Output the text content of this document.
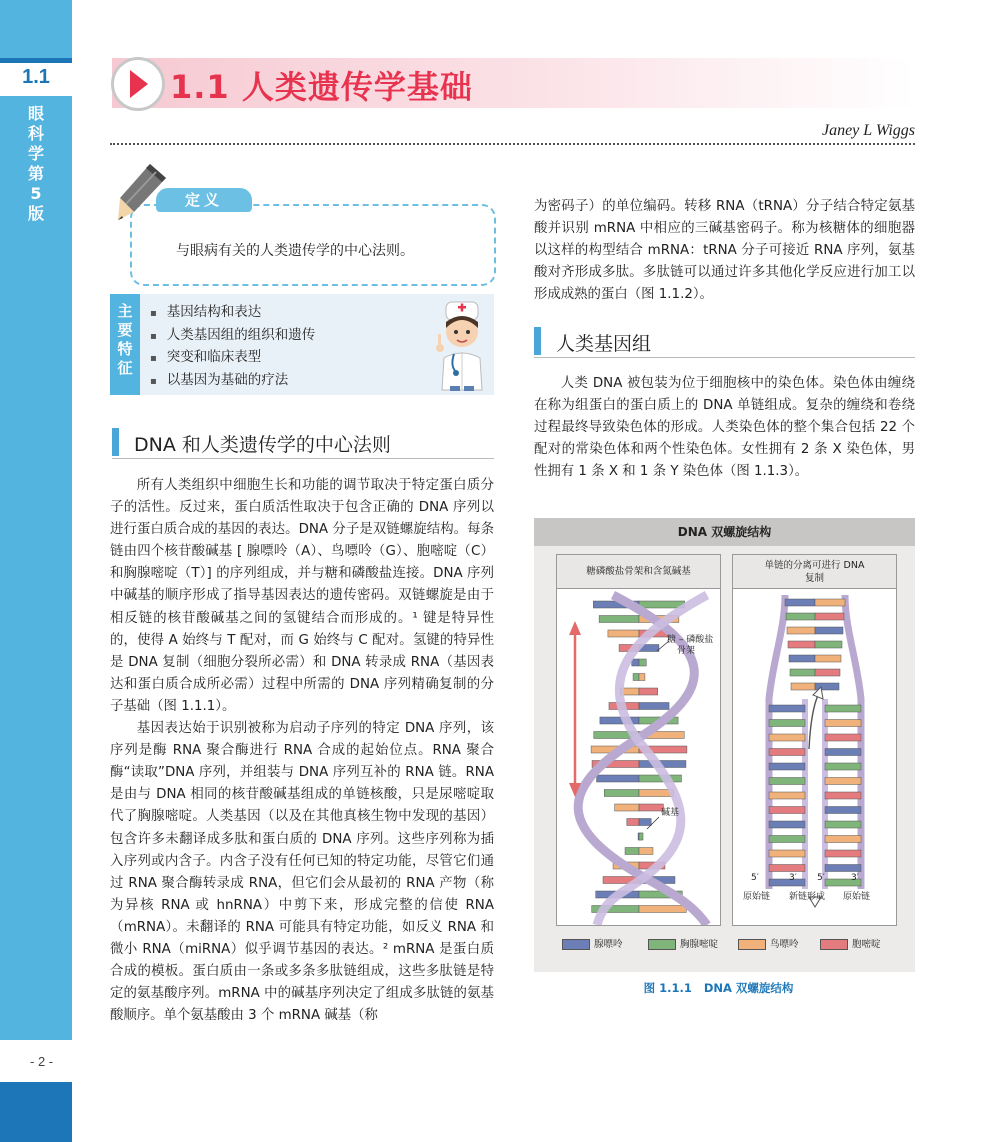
1.1
眼
科
学
第
5
版
- 2 -
1.1 人类遗传学基础
Janey L Wiggs
定义
与眼病有关的人类遗传学的中心法则。
▪ 基因结构和表达
▪ 人类基因组的组织和遗传
▪ 突变和临床表型
▪ 以基因为基础的疗法
主
要
特
征
DNA 和人类遗传学的中心法则

所有人类组织中细胞生长和功能的调节取决于特定蛋白质分子的活性。反过来，蛋白质活性取决于包含正确的 DNA 序列以进行蛋白质合成的基因的表达。DNA 分子是双链螺旋结构。每条链由四个核苷酸碱基 [ 腺嘌呤（A）、鸟嘌呤（G）、胞嘧啶（C）和胸腺嘧啶（T）] 的序列组成，并与糖和磷酸盐连接。DNA 序列中碱基的顺序形成了指导基因表达的遗传密码。双链螺旋是由于相反链的核苷酸碱基之间的氢键结合而形成的。¹ 键是特异性的，使得 A 始终与 T 配对，而 G 始终与 C 配对。氢键的特异性是 DNA 复制（细胞分裂所必需）和 DNA 转录成 RNA（基因表达和蛋白质合成所必需）过程中所需的 DNA 序列精确复制的分子基础（图 1.1.1）。

基因表达始于识别被称为启动子序列的特定 DNA 序列，该序列是酶 RNA 聚合酶进行 RNA 合成的起始位点。RNA 聚合酶“读取”DNA 序列，并组装与 DNA 序列互补的 RNA 链。RNA 是由与 DNA 相同的核苷酸碱基组成的单链核酸，只是尿嘧啶取代了胸腺嘧啶。人类基因（以及在其他真核生物中发现的基因）包含许多未翻译成多肽和蛋白质的 DNA 序列。这些序列称为插入序列或内含子。内含子没有任何已知的特定功能，尽管它们通过 RNA 聚合酶转录成 RNA，但它们会从最初的 RNA 产物（称为异核 RNA 或 hnRNA）中剪下来，形成完整的信使 RNA（mRNA）。未翻译的 RNA 可能具有特定功能，如反义 RNA 和微小 RNA（miRNA）似乎调节基因的表达。² mRNA 是蛋白质合成的模板。蛋白质由一条或多条多肽链组成，这些多肽链是特定的氨基酸序列。mRNA 中的碱基序列决定了组成多肽链的氨基酸顺序。单个氨基酸由 3 个 mRNA 碱基（称

为密码子）的单位编码。转移 RNA（tRNA）分子结合特定氨基酸并识别 mRNA 中相应的三碱基密码子。称为核糖体的细胞器以这样的构型结合 mRNA：tRNA 分子可接近 RNA 序列，氨基酸对齐形成多肽。多肽链可以通过许多其他化学反应进行加工以形成成熟的蛋白（图 1.1.2）。

人类基因组

人类 DNA 被包装为位于细胞核中的染色体。染色体由缠绕在称为组蛋白的蛋白质上的 DNA 单链组成。复杂的缠绕和卷绕过程最终导致染色体的形成。人类染色体的整个集合包括 22 个配对的常染色体和两个性染色体。女性拥有 2 条 X 染色体，男性拥有 1 条 X 和 1 条 Y 染色体（图 1.1.3）。

DNA 双螺旋结构
糖磷酸盐骨架和含氮碱基
糖 – 磷酸盐
骨架
碱基
单链的分离可进行 DNA
复制
5′	3′ 5′	3′
原始链 新链形成 原始链
腺嘌呤	胸腺嘧啶	鸟嘌呤	胞嘧啶
图 1.1.1 DNA 双螺旋结构
